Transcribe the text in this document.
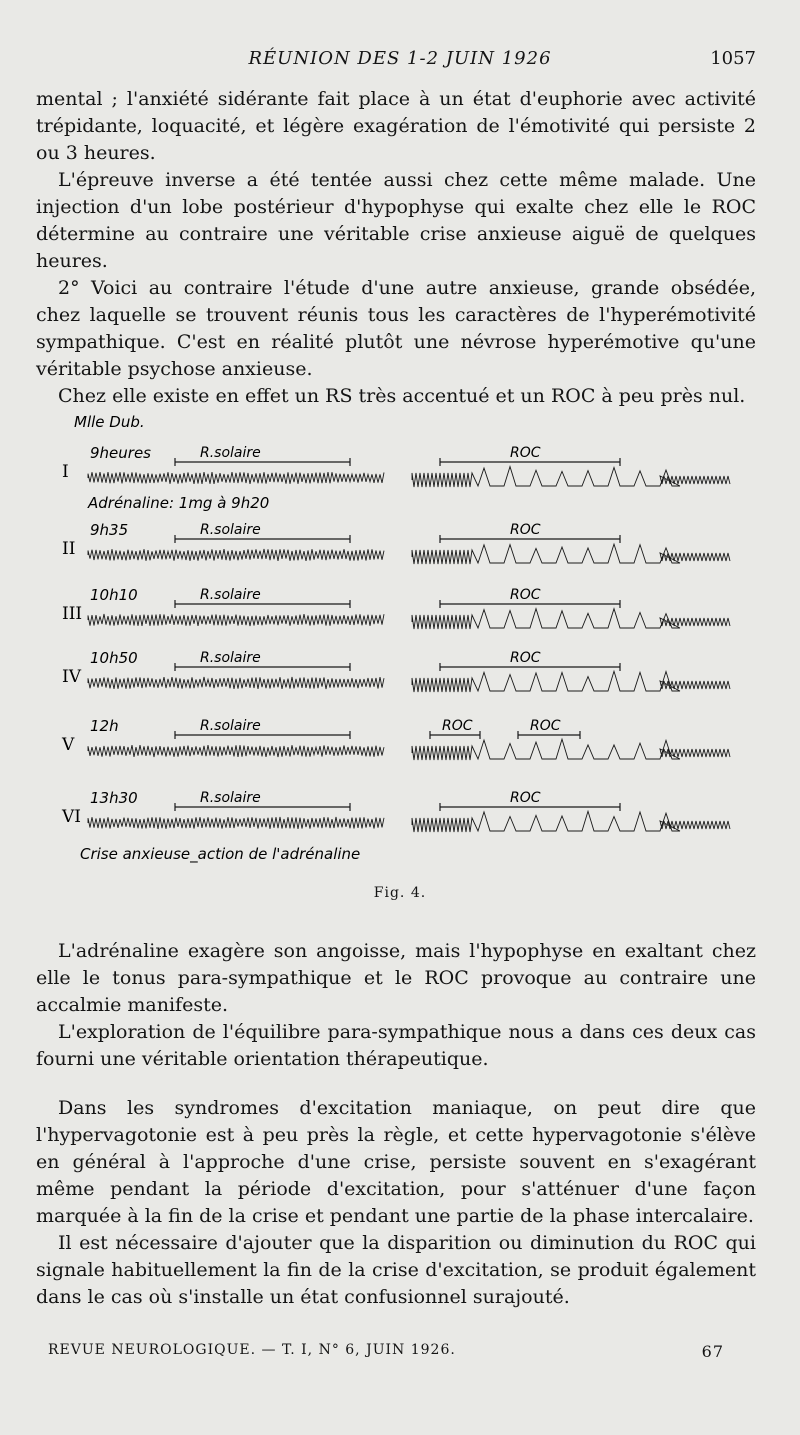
RÉUNION DES 1-2 JUIN 1926	1057

mental ; l'anxiété sidérante fait place à un état d'euphorie avec activité trépidante, loquacité, et légère exagération de l'émotivité qui persiste 2 ou 3 heures.

L'épreuve inverse a été tentée aussi chez cette même malade. Une injection d'un lobe postérieur d'hypophyse qui exalte chez elle le ROC détermine au contraire une véritable crise anxieuse aiguë de quelques heures.

2° Voici au contraire l'étude d'une autre anxieuse, grande obsédée, chez laquelle se trouvent réunis tous les caractères de l'hyperémotivité sympathique. C'est en réalité plutôt une névrose hyperémotive qu'une véritable psychose anxieuse.

Chez elle existe en effet un RS très accentué et un ROC à peu près nul.

Mlle Dub.
Adrénaline: 1mg à 9h20
Crise anxieuse_action de l'adrénaline
I
9heures	R.solaire	ROC
II
9h35	R.solaire	ROC
III
10h10	R.solaire	ROC
IV
10h50	R.solaire	ROC
V
12h	R.solaire	ROC	ROC
VI
13h30	R.solaire	ROC
Fig. 4.

L'adrénaline exagère son angoisse, mais l'hypophyse en exaltant chez elle le tonus para-sympathique et le ROC provoque au contraire une accalmie manifeste.

L'exploration de l'équilibre para-sympathique nous a dans ces deux cas fourni une véritable orientation thérapeutique.

Dans les syndromes d'excitation maniaque, on peut dire que l'hypervagotonie est à peu près la règle, et cette hypervagotonie s'élève en général à l'approche d'une crise, persiste souvent en s'exagérant même pendant la période d'excitation, pour s'atténuer d'une façon marquée à la fin de la crise et pendant une partie de la phase intercalaire.

Il est nécessaire d'ajouter que la disparition ou diminution du ROC qui signale habituellement la fin de la crise d'excitation, se produit également dans le cas où s'installe un état confusionnel surajouté.

REVUE NEUROLOGIQUE. — T. I, N° 6, JUIN 1926.	67
